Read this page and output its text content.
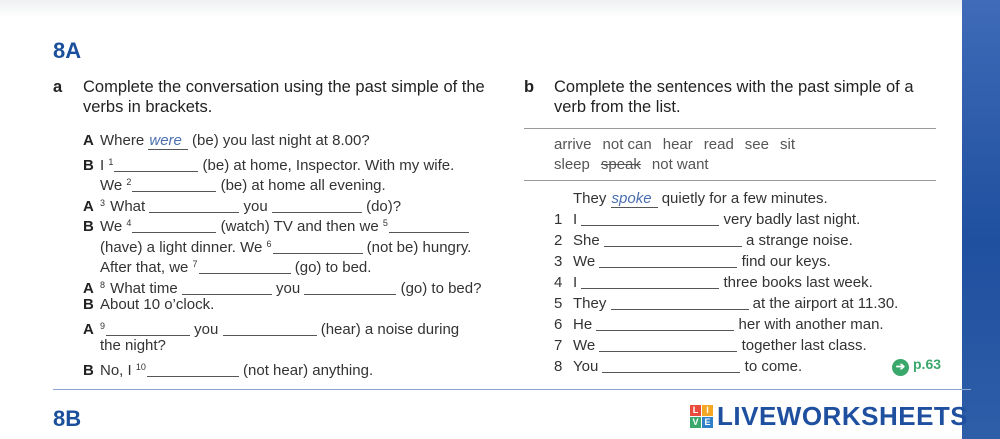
8A
a Complete the conversation using the past simple of the verbs in brackets.
A Where were (be) you last night at 8.00?
B I $^1$	(be) at home, Inspector. With my wife.
We $^2$	(be) at home all evening.
A $^3$ What	you	(do)?
B We $^4$	(watch) TV and then we $^5$
(have) a light dinner. We $^6$	(not be) hungry.
After that, we $^7$	(go) to bed.
A $^8$ What time	you	(go) to bed?
B About 10 o’clock.
A $^9$	you	(hear) a noise during
the night?
B No, I $^{10}$	(not hear) anything.
b Complete the sentences with the past simple of a verb from the list.
arrive not can hear read see sit
sleep speak not want
They spoke quietly for a few minutes.
1 I	very badly last night.
2 She	a strange noise.
3 We	find our keys.
4 I	three books last week.
5 They	at the airport at 11.30.
6 He	her with another man.
7 We	together last class.
8 You	to come.	➔ p.63
8B	L I
V E LIVEWORKSHEETS
